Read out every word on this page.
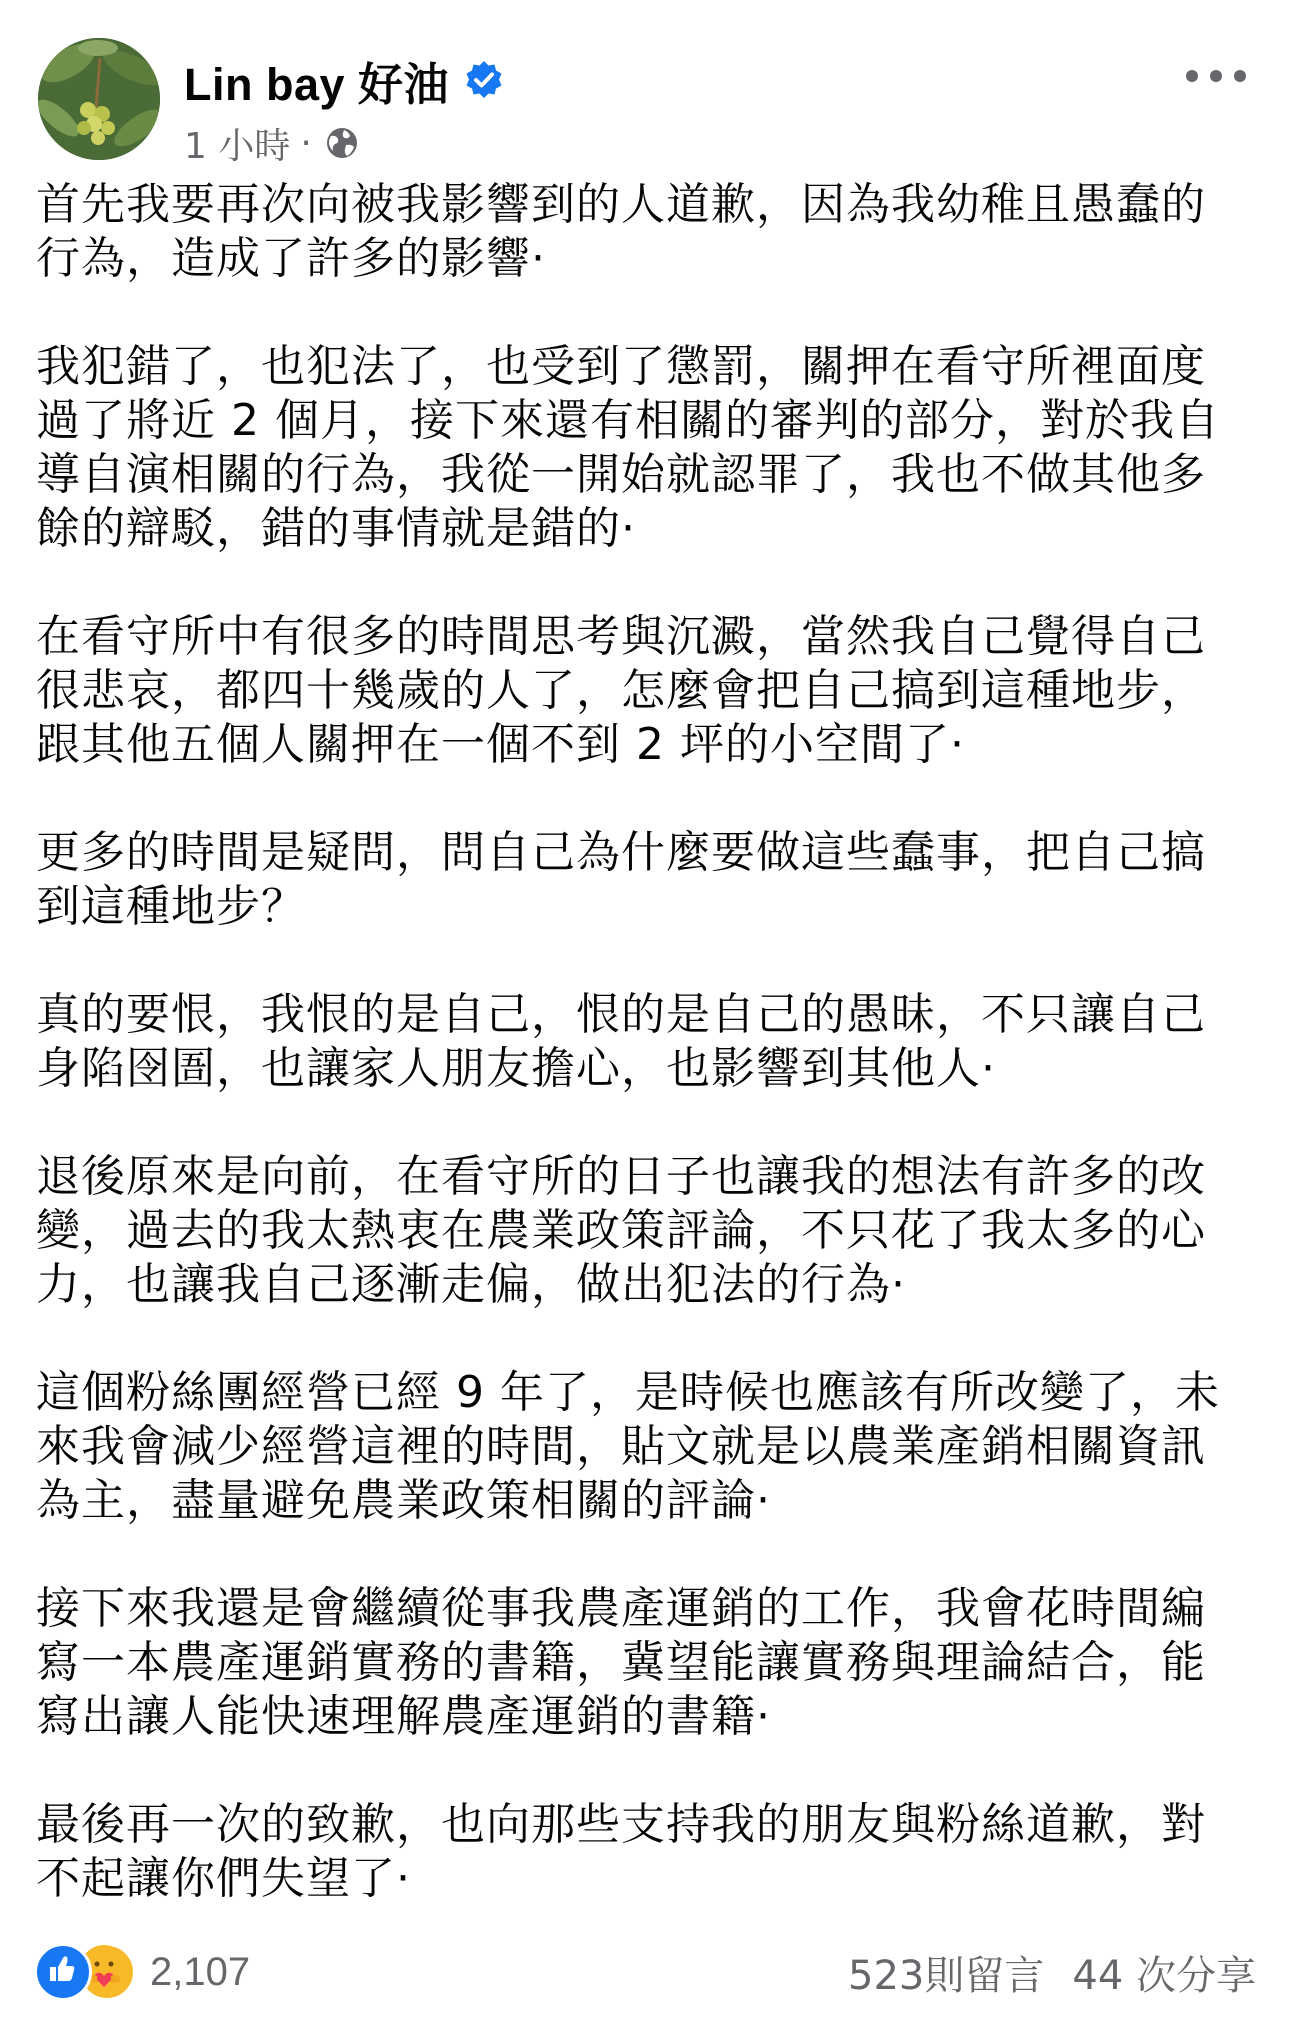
Lin bay 好油
1 小時 ·

首先我要再次向被我影響到的人道歉，因為我幼稚且愚蠢的
行為，造成了許多的影響·

我犯錯了，也犯法了，也受到了懲罰，關押在看守所裡面度
過了將近 2 個月，接下來還有相關的審判的部分，對於我自
導自演相關的行為，我從一開始就認罪了，我也不做其他多
餘的辯駁，錯的事情就是錯的·

在看守所中有很多的時間思考與沉澱，當然我自己覺得自己
很悲哀，都四十幾歲的人了，怎麼會把自己搞到這種地步，
跟其他五個人關押在一個不到 2 坪的小空間了·

更多的時間是疑問，問自己為什麼要做這些蠢事，把自己搞
到這種地步？

真的要恨，我恨的是自己，恨的是自己的愚昧，不只讓自己
身陷囹圄，也讓家人朋友擔心，也影響到其他人·

退後原來是向前，在看守所的日子也讓我的想法有許多的改
變，過去的我太熱衷在農業政策評論，不只花了我太多的心
力，也讓我自己逐漸走偏，做出犯法的行為·

這個粉絲團經營已經 9 年了，是時候也應該有所改變了，未
來我會減少經營這裡的時間，貼文就是以農業產銷相關資訊
為主，盡量避免農業政策相關的評論·

接下來我還是會繼續從事我農產運銷的工作，我會花時間編
寫一本農產運銷實務的書籍，冀望能讓實務與理論結合，能
寫出讓人能快速理解農產運銷的書籍·

最後再一次的致歉，也向那些支持我的朋友與粉絲道歉，對
不起讓你們失望了·

2,107	523則留言 44 次分享
